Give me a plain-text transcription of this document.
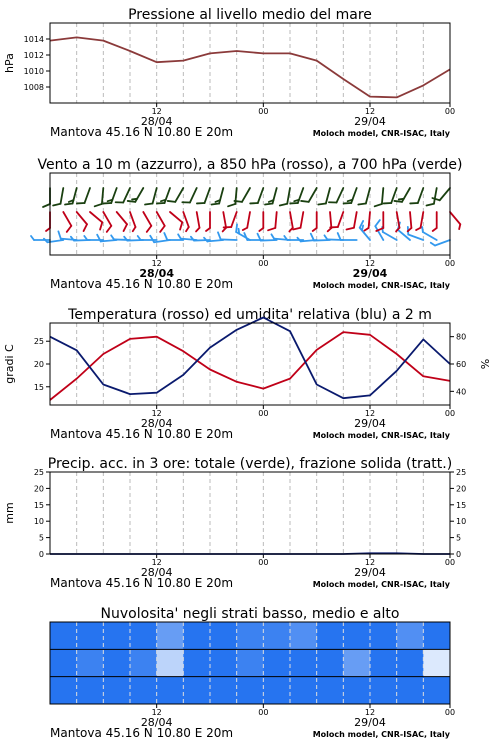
Pressione al livello medio del mare
12	00	12	00
28/04	29/04
Mantova 45.16 N 10.80 E 20m	Moloch model, CNR-ISAC, Italy
1008
1010
1012
1014
hPa
Vento a 10 m (azzurro), a 850 hPa (rosso), a 700 hPa (verde)
12	00	12	00
28/04	29/04
Mantova 45.16 N 10.80 E 20m	Moloch model, CNR-ISAC, Italy
Temperatura (rosso) ed umidita' relativa (blu) a 2 m
12	00	12	00
28/04	29/04
Mantova 45.16 N 10.80 E 20m	Moloch model, CNR-ISAC, Italy
15
20
25
gradi C
40
60
80
%
Precip. acc. in 3 ore: totale (verde), frazione solida (tratt.)
12	00	12	00
28/04	29/04
Mantova 45.16 N 10.80 E 20m	Moloch model, CNR-ISAC, Italy
0
5
10
15
20
25
mm
0
5
10
15
20
25
Nuvolosita' negli strati basso, medio e alto
12	00	12	00
28/04	29/04
Mantova 45.16 N 10.80 E 20m	Moloch model, CNR-ISAC, Italy
